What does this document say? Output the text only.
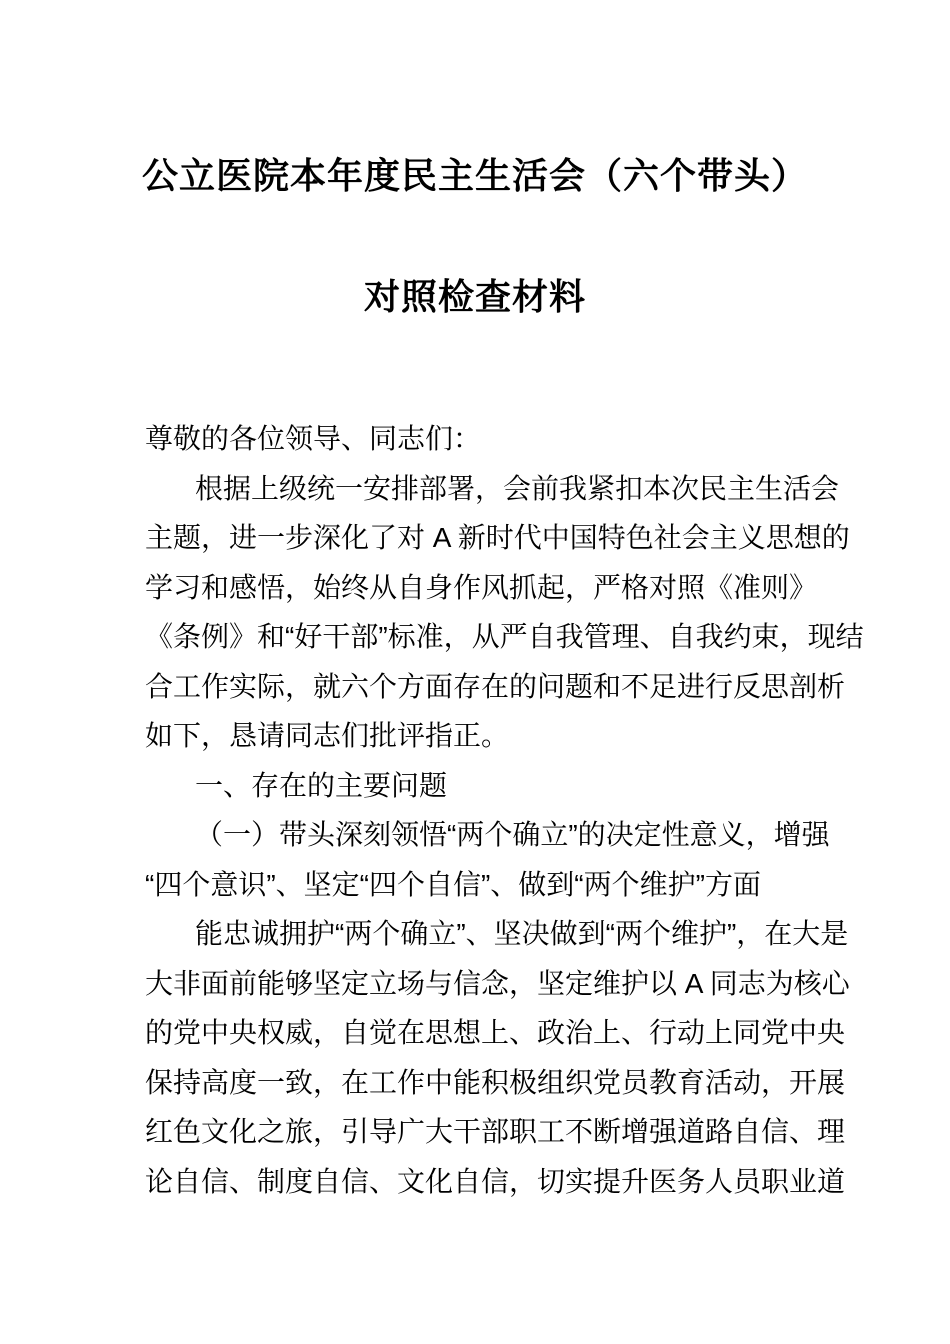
公立医院本年度民主生活会（六个带头）
对照检查材料
尊敬的各位领导、同志们：
根据上级统一安排部署，会前我紧扣本次民主生活会
主题，进一步深化了对 A 新时代中国特色社会主义思想的
学习和感悟，始终从自身作风抓起，严格对照《准则》
《条例》和“好干部”标准，从严自我管理、自我约束，现结
合工作实际，就六个方面存在的问题和不足进行反思剖析
如下，恳请同志们批评指正。
一、存在的主要问题
（一）带头深刻领悟“两个确立”的决定性意义，增强
“四个意识”、坚定“四个自信”、做到“两个维护”方面
能忠诚拥护“两个确立”、坚决做到“两个维护”，在大是
大非面前能够坚定立场与信念，坚定维护以 A 同志为核心
的党中央权威，自觉在思想上、政治上、行动上同党中央
保持高度一致，在工作中能积极组织党员教育活动，开展
红色文化之旅，引导广大干部职工不断增强道路自信、理
论自信、制度自信、文化自信，切实提升医务人员职业道
